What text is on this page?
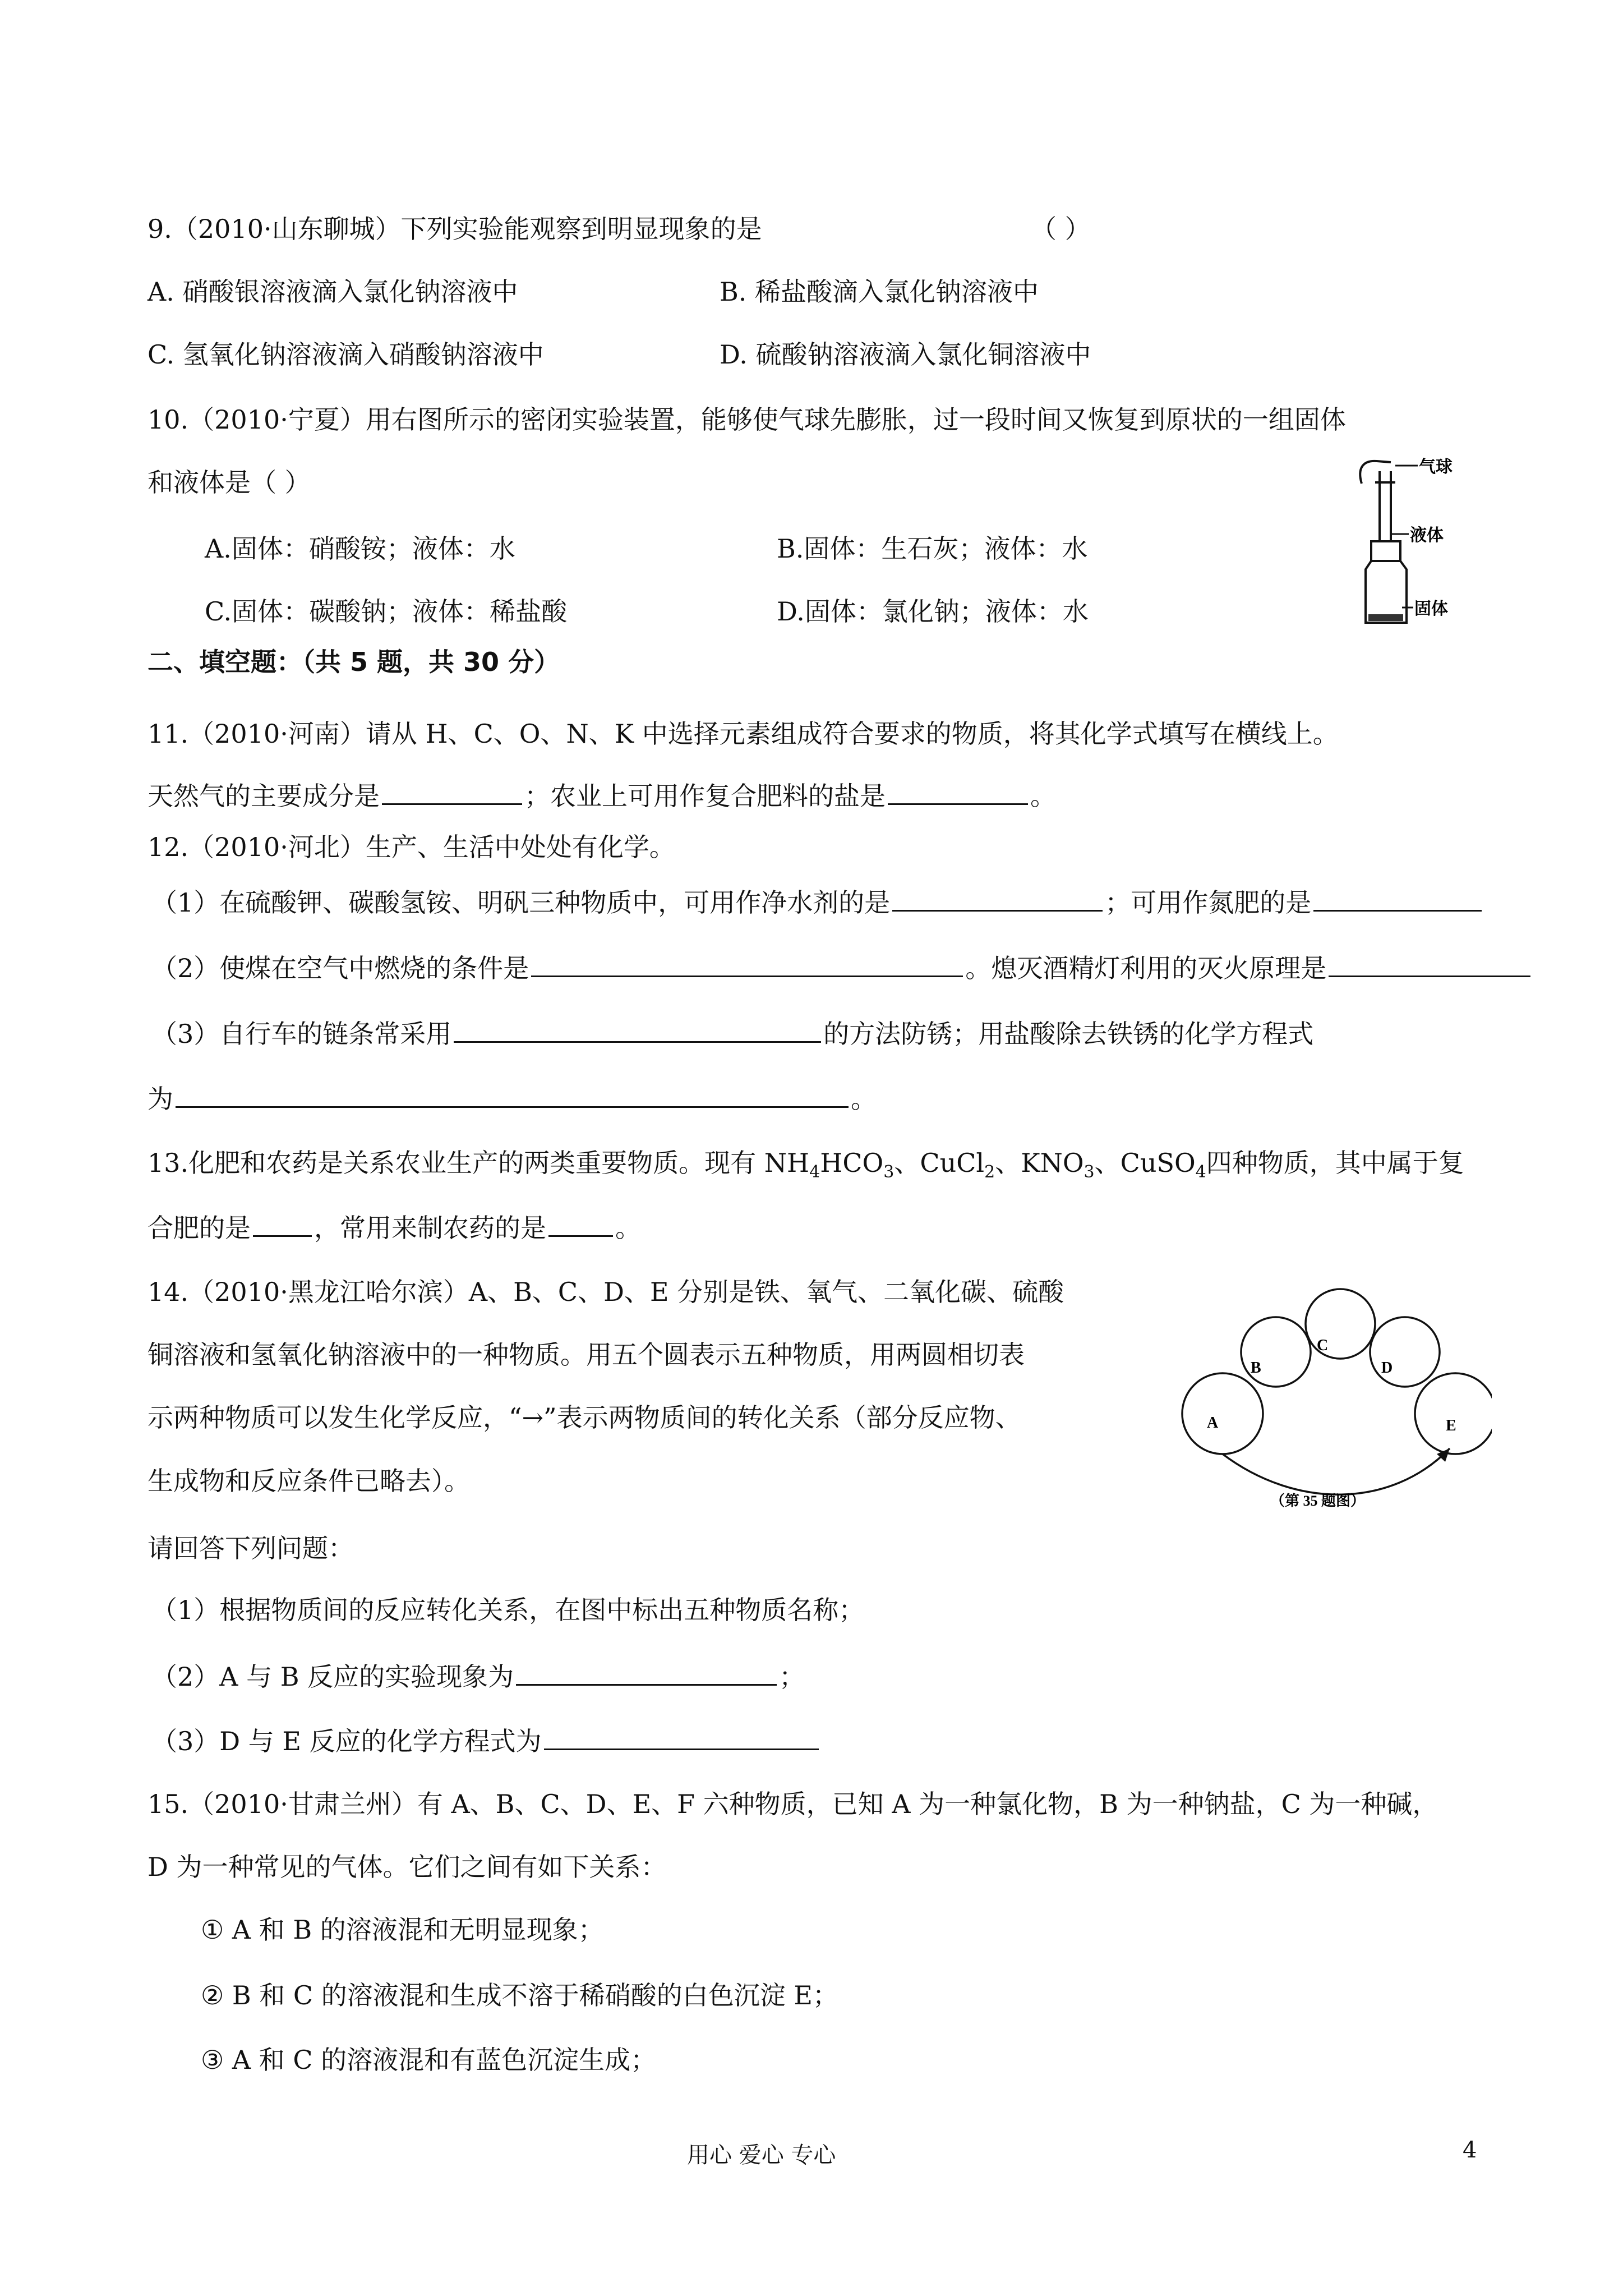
9.（2010·山东聊城）下列实验能观察到明显现象的是	（ ）
A. 硝酸银溶液滴入氯化钠溶液中	B. 稀盐酸滴入氯化钠溶液中
C. 氢氧化钠溶液滴入硝酸钠溶液中	D. 硫酸钠溶液滴入氯化铜溶液中
10.（2010·宁夏）用右图所示的密闭实验装置，能够使气球先膨胀，过一段时间又恢复到原状的一组固体
和液体是（ ）
A.固体：硝酸铵；液体：水	B.固体：生石灰；液体：水
C.固体：碳酸钠；液体：稀盐酸	D.固体：氯化钠；液体：水
气球
液体
固体
二、填空题：（共 5 题，共 30 分）
11.（2010·河南）请从 H、C、O、N、K 中选择元素组成符合要求的物质，将其化学式填写在横线上。
天然气的主要成分是	；农业上可用作复合肥料的盐是	。
12.（2010·河北）生产、生活中处处有化学。
（1）在硫酸钾、碳酸氢铵、明矾三种物质中，可用作净水剂的是	；可用作氮肥的是
（2）使煤在空气中燃烧的条件是	。熄灭酒精灯利用的灭火原理是
（3）自行车的链条常采用	的方法防锈；用盐酸除去铁锈的化学方程式
为	。
13.化肥和农药是关系农业生产的两类重要物质。现有 $NH_4HCO_3$、CuCl$_2$、$KNO_3$、CuSO$_4$四种物质，其中属于复
合肥的是 ，常用来制农药的是	。
14.（2010·黑龙江哈尔滨）A、B、C、D、E 分别是铁、氧气、二氧化碳、硫酸
铜溶液和氢氧化钠溶液中的一种物质。用五个圆表示五种物质，用两圆相切表
示两种物质可以发生化学反应，“→”表示两物质间的转化关系（部分反应物、
生成物和反应条件已略去）。
A
B
C
D
E
（第 35 题图）
请回答下列问题：
（1）根据物质间的反应转化关系，在图中标出五种物质名称；
（2）A 与 B 反应的实验现象为	；
（3）D 与 E 反应的化学方程式为
15.（2010·甘肃兰州）有 A、B、C、D、E、F 六种物质，已知 A 为一种氯化物，B 为一种钠盐，C 为一种碱，
D 为一种常见的气体。它们之间有如下关系：
① A 和 B 的溶液混和无明显现象；
② B 和 C 的溶液混和生成不溶于稀硝酸的白色沉淀 E；
③ A 和 C 的溶液混和有蓝色沉淀生成；
用心 爱心 专心	4
